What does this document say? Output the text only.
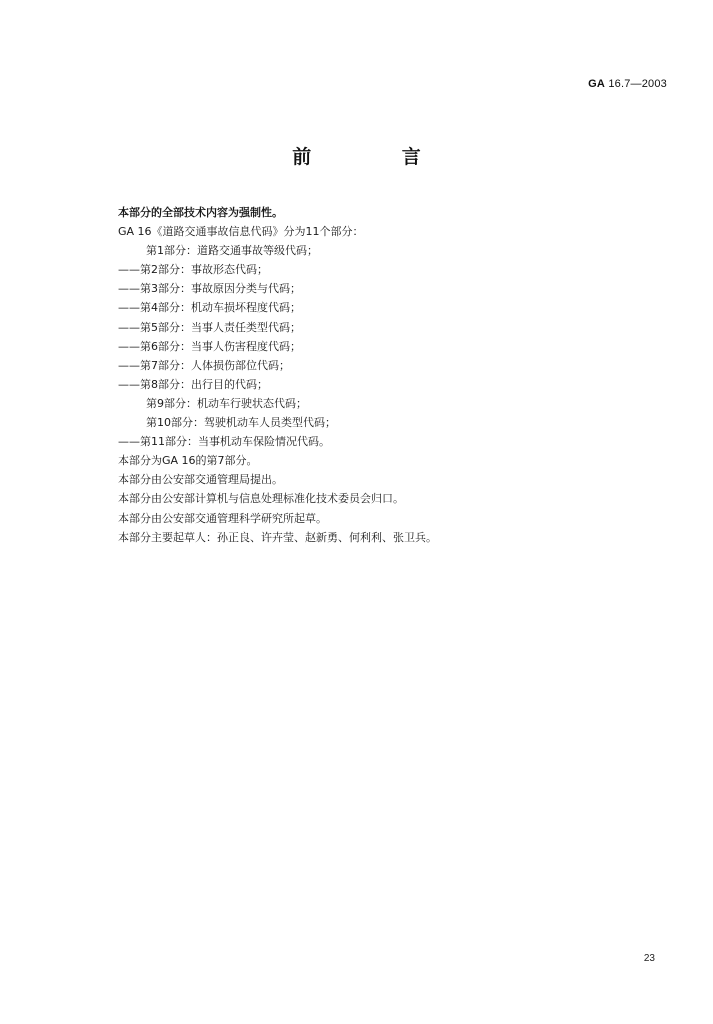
GA 16.7—2003
前 言
本部分的全部技术内容为强制性。
GA 16《道路交通事故信息代码》分为11个部分：
第1部分：道路交通事故等级代码；
——第2部分：事故形态代码；
——第3部分：事故原因分类与代码；
——第4部分：机动车损坏程度代码；
——第5部分：当事人责任类型代码；
——第6部分：当事人伤害程度代码；
——第7部分：人体损伤部位代码；
——第8部分：出行目的代码；
第9部分：机动车行驶状态代码；
第10部分：驾驶机动车人员类型代码；
——第11部分：当事机动车保险情况代码。
本部分为GA 16的第7部分。
本部分由公安部交通管理局提出。
本部分由公安部计算机与信息处理标准化技术委员会归口。
本部分由公安部交通管理科学研究所起草。
本部分主要起草人：孙正良、许卉莹、赵新勇、何利利、张卫兵。
23
